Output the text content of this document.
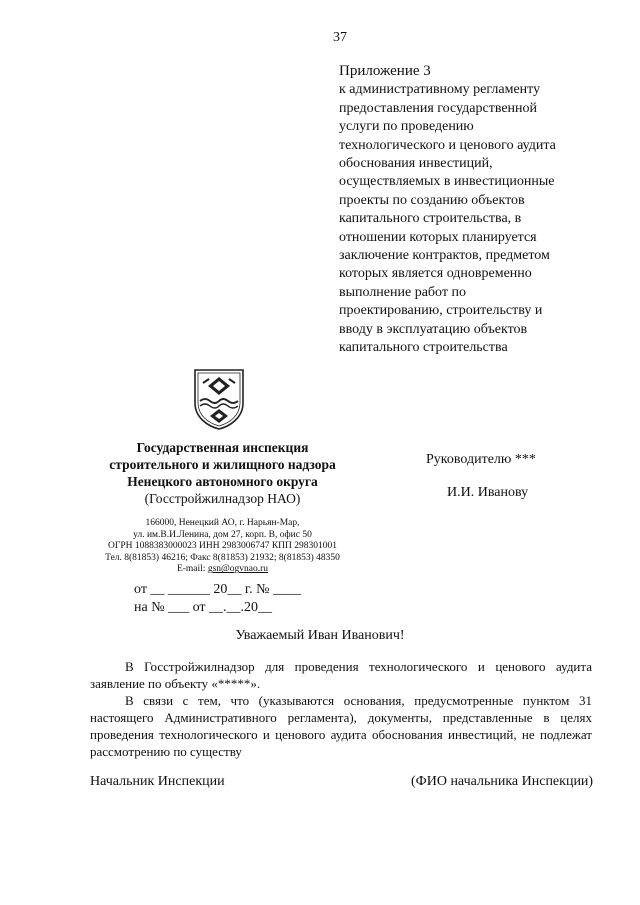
37
Приложение 3
к административному регламенту
предоставления государственной
услуги по проведению
технологического и ценового аудита
обоснования инвестиций,
осуществляемых в инвестиционные
проекты по созданию объектов
капитального строительства, в
отношении которых планируется
заключение контрактов, предметом
которых является одновременно
выполнение работ по
проектированию, строительству и
вводу в эксплуатацию объектов
капитального строительства
Государственная инспекция
строительного и жилищного надзора
Ненецкого автономного округа
(Госстройжилнадзор НАО)
166000, Ненецкий АО, г. Нарьян-Мар,
ул. им.В.И.Ленина, дом 27, корп. В, офис 50
ОГРН 1088383000023 ИНН 2983006747 КПП 298301001
Тел. 8(81853) 46216; Факс 8(81853) 21932; 8(81853) 48350
E-mail: gsn@ogvnao.ru
Руководителю ***
И.И. Иванову
от __ ______ 20__ г. № ____
на № ___ от __.__.20__
Уважаемый Иван Иванович!

В Госстройжилнадзор для проведения технологического и ценового аудита заявление по объекту «*****».

В связи с тем, что (указываются основания, предусмотренные пунктом 31 настоящего Административного регламента), документы, представленные в целях проведения технологического и ценового аудита обоснования инвестиций, не подлежат рассмотрению по существу

Начальник Инспекции	(ФИО начальника Инспекции)
